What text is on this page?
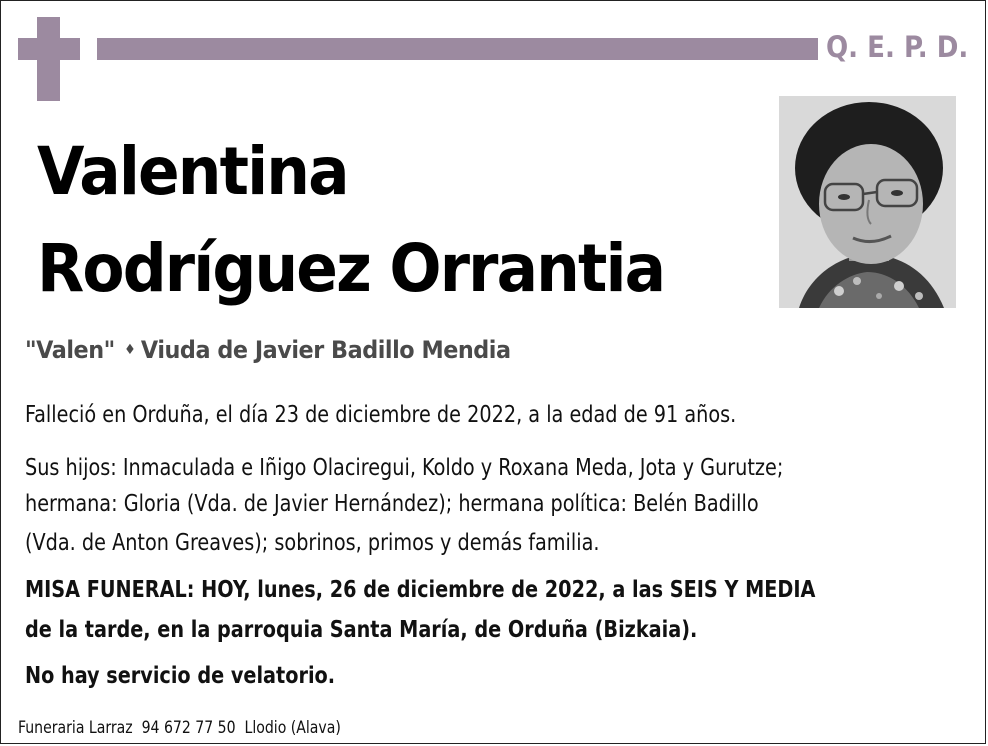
Q. E. P. D.
Valentina
Rodríguez Orrantia
"Valen" ♦ Viuda de Javier Badillo Mendia
Falleció en Orduña, el día 23 de diciembre de 2022, a la edad de 91 años.
Sus hijos: Inmaculada e Iñigo Olaciregui, Koldo y Roxana Meda, Jota y Gurutze;
hermana: Gloria (Vda. de Javier Hernández); hermana política: Belén Badillo
(Vda. de Anton Greaves); sobrinos, primos y demás familia.
MISA FUNERAL: HOY, lunes, 26 de diciembre de 2022, a las SEIS Y MEDIA
de la tarde, en la parroquia Santa María, de Orduña (Bizkaia).
No hay servicio de velatorio.
Funeraria Larraz  94 672 77 50  Llodio (Alava)
